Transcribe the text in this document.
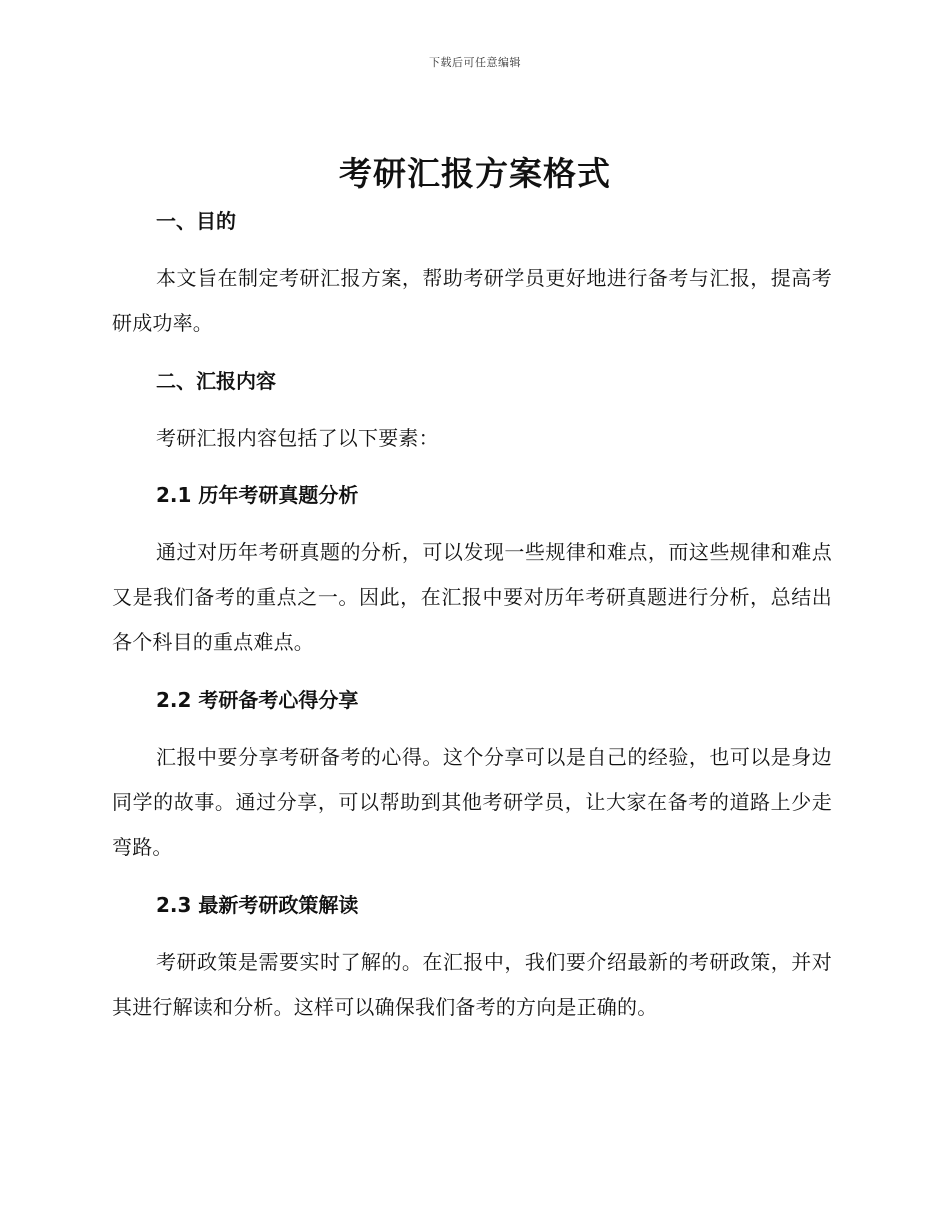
下载后可任意编辑
考研汇报方案格式
一、目的
本文旨在制定考研汇报方案，帮助考研学员更好地进行备考与汇报，提高考研成功率。
二、汇报内容
考研汇报内容包括了以下要素：
2.1 历年考研真题分析
通过对历年考研真题的分析，可以发现一些规律和难点，而这些规律和难点又是我们备考的重点之一。因此，在汇报中要对历年考研真题进行分析，总结出各个科目的重点难点。
2.2 考研备考心得分享
汇报中要分享考研备考的心得。这个分享可以是自己的经验，也可以是身边同学的故事。通过分享，可以帮助到其他考研学员，让大家在备考的道路上少走弯路。
2.3 最新考研政策解读
考研政策是需要实时了解的。在汇报中，我们要介绍最新的考研政策，并对其进行解读和分析。这样可以确保我们备考的方向是正确的。
